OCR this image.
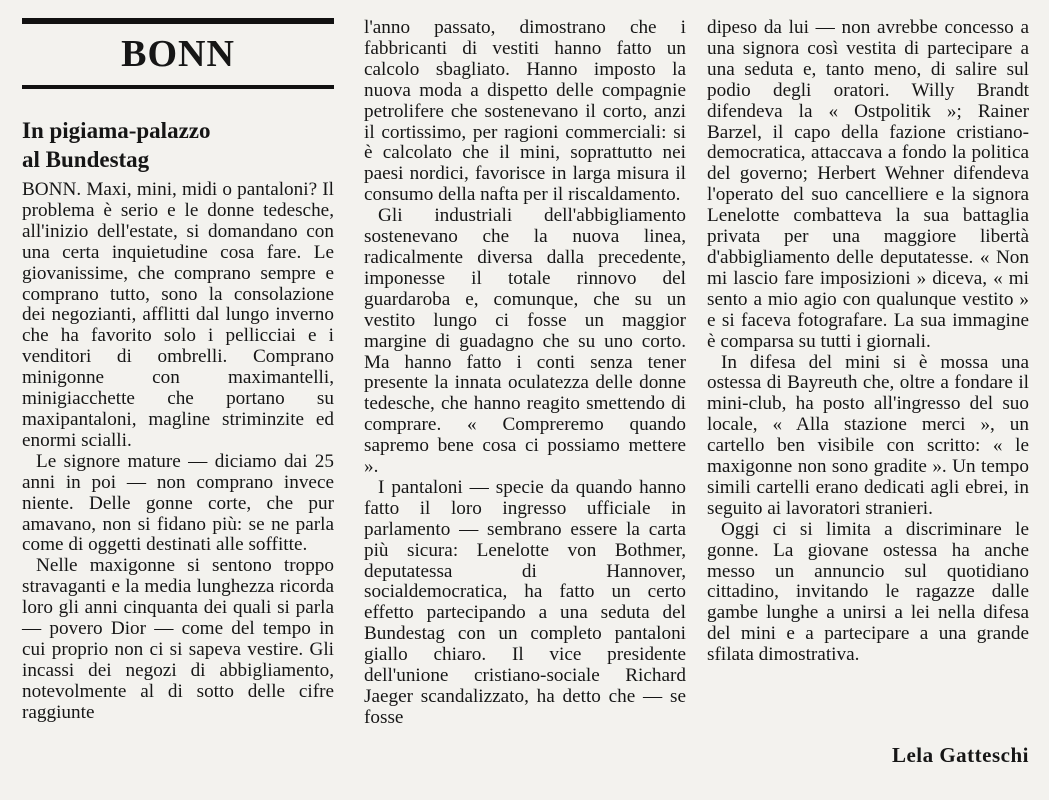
BONN
In pigiama-palazzo
al Bundestag

BONN. Maxi, mini, midi o pantaloni? Il problema è serio e le donne tedesche, all'inizio dell'estate, si domandano con una certa inquietudine cosa fare. Le giovanissime, che comprano sempre e comprano tutto, sono la consolazione dei negozianti, afflitti dal lungo inverno che ha favorito solo i pellicciai e i venditori di ombrelli. Comprano minigonne con maximantelli, minigiacchette che portano su maxipantaloni, magline striminzite ed enormi scialli.

Le signore mature — diciamo dai 25 anni in poi — non comprano invece niente. Delle gonne corte, che pur amavano, non si fidano più: se ne parla come di oggetti destinati alle soffitte.

Nelle maxigonne si sentono troppo stravaganti e la media lunghezza ricorda loro gli anni cinquanta dei quali si parla — povero Dior — come del tempo in cui proprio non ci si sapeva vestire. Gli incassi dei negozi di abbigliamento, notevolmente al di sotto delle cifre raggiunte

l'anno passato, dimostrano che i fabbricanti di vestiti hanno fatto un calcolo sbagliato. Hanno imposto la nuova moda a dispetto delle compagnie petrolifere che sostenevano il corto, anzi il cortissimo, per ragioni commerciali: si è calcolato che il mini, soprattutto nei paesi nordici, favorisce in larga misura il consumo della nafta per il riscaldamento.

Gli industriali dell'abbigliamento sostenevano che la nuova linea, radicalmente diversa dalla precedente, imponesse il totale rinnovo del guardaroba e, comunque, che su un vestito lungo ci fosse un maggior margine di guadagno che su uno corto. Ma hanno fatto i conti senza tener presente la innata oculatezza delle donne tedesche, che hanno reagito smettendo di comprare. « Compreremo quando sapremo bene cosa ci possiamo mettere ».

I pantaloni — specie da quando hanno fatto il loro ingresso ufficiale in parlamento — sembrano essere la carta più sicura: Lenelotte von Bothmer, deputatessa di Hannover, socialdemocratica, ha fatto un certo effetto partecipando a una seduta del Bundestag con un completo pantaloni giallo chiaro. Il vice presidente dell'unione cristiano-sociale Richard Jaeger scandalizzato, ha detto che — se fosse

dipeso da lui — non avrebbe concesso a una signora così vestita di partecipare a una seduta e, tanto meno, di salire sul podio degli oratori. Willy Brandt difendeva la « Ostpolitik »; Rainer Barzel, il capo della fazione cristiano-democratica, attaccava a fondo la politica del governo; Herbert Wehner difendeva l'operato del suo cancelliere e la signora Lenelotte combatteva la sua battaglia privata per una maggiore libertà d'abbigliamento delle deputatesse. « Non mi lascio fare imposizioni » diceva, « mi sento a mio agio con qualunque vestito » e si faceva fotografare. La sua immagine è comparsa su tutti i giornali.

In difesa del mini si è mossa una ostessa di Bayreuth che, oltre a fondare il mini-club, ha posto all'ingresso del suo locale, « Alla stazione merci », un cartello ben visibile con scritto: « le maxigonne non sono gradite ». Un tempo simili cartelli erano dedicati agli ebrei, in seguito ai lavoratori stranieri.

Oggi ci si limita a discriminare le gonne. La giovane ostessa ha anche messo un annuncio sul quotidiano cittadino, invitando le ragazze dalle gambe lunghe a unirsi a lei nella difesa del mini e a partecipare a una grande sfilata dimostrativa.

Lela Gatteschi
